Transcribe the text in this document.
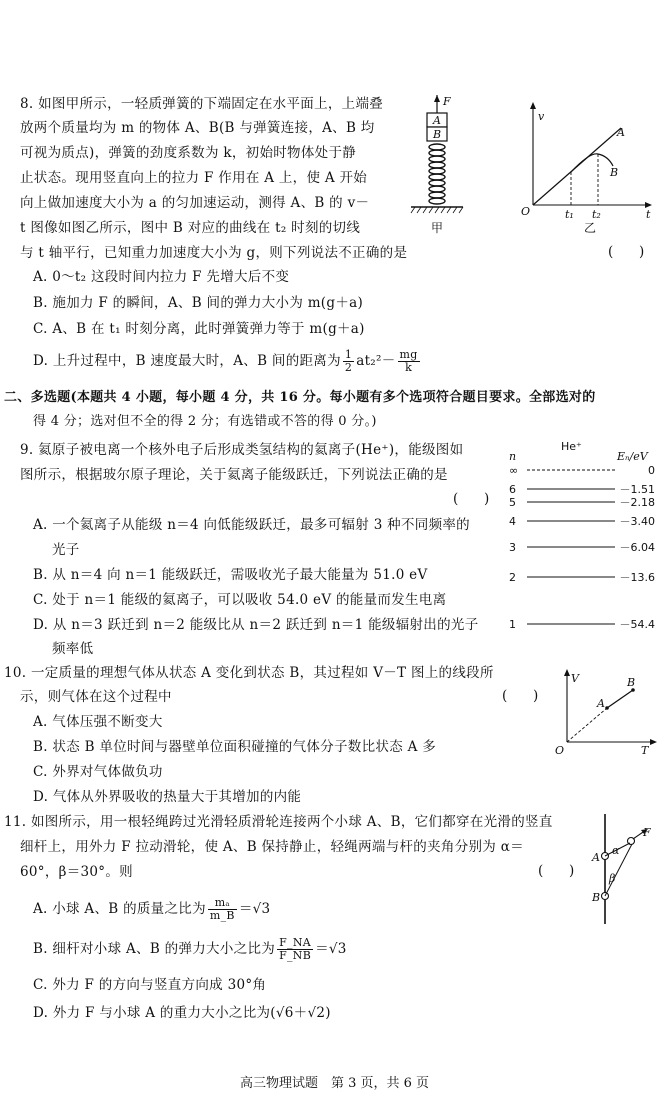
8. 如图甲所示，一轻质弹簧的下端固定在水平面上，上端叠
放两个质量均为 m 的物体 A、B(B 与弹簧连接，A、B 均
可视为质点)，弹簧的劲度系数为 k，初始时物体处于静
止状态。现用竖直向上的拉力 F 作用在 A 上，使 A 开始
向上做加速度大小为 a 的匀加速运动，测得 A、B 的 v－
t 图像如图乙所示，图中 B 对应的曲线在 t₂ 时刻的切线
与 t 轴平行，已知重力加速度大小为 g，则下列说法不正确的是	(      )
A. 0～t₂ 这段时间内拉力 F 先增大后不变
B. 施加力 F 的瞬间，A、B 间的弹力大小为 m(g＋a)
C. A、B 在 t₁ 时刻分离，此时弹簧弹力等于 m(g＋a)
D. 上升过程中，B 速度最大时，A、B 间的距离为 $\frac{1}{2} at_2^2- \frac{mg}{k}$
F
A
B
甲
v
O	t
A
B
t₁ t₂
乙
二、多选题(本题共 4 小题，每小题 4 分，共 16 分。每小题有多个选项符合题目要求。全部选对的
得 4 分；选对但不全的得 2 分；有选错或不答的得 0 分。)
9. 氦原子被电离一个核外电子后形成类氢结构的氦离子(He⁺)，能级图如
图所示，根据玻尔原子理论，关于氦离子能级跃迁，下列说法正确的是
(      )
A. 一个氦离子从能级 n＝4 向低能级跃迁，最多可辐射 3 种不同频率的
光子
B. 从 n＝4 向 n＝1 能级跃迁，需吸收光子最大能量为 51.0 eV
C. 处于 n＝1 能级的氦离子，可以吸收 54.0 eV 的能量而发生电离
D. 从 n＝3 跃迁到 n＝2 能级比从 n＝2 跃迁到 n＝1 能级辐射出的光子
频率低
n
He⁺
Eₙ/eV
∞	0
6	－1.51
5	－2.18
4	－3.40
3	－6.04
2	－13.6
1	－54.4
10. 一定质量的理想气体从状态 A 变化到状态 B，其过程如 V－T 图上的线段所
示，则气体在这个过程中	(      )
A. 气体压强不断变大
B. 状态 B 单位时间与器壁单位面积碰撞的气体分子数比状态 A 多
C. 外界对气体做负功
D. 气体从外界吸收的热量大于其增加的内能
V
O	T
A
B
11. 如图所示，用一根轻绳跨过光滑轻质滑轮连接两个小球 A、B，它们都穿在光滑的竖直
细杆上，用外力 F 拉动滑轮，使 A、B 保持静止，轻绳两端与杆的夹角分别为 α＝
60°，β＝30°。则	(      )
A. 小球 A、B 的质量之比为 $\frac{\text{mₐ}}{m\_B} =√3$
B. 细杆对小球 A、B 的弹力大小之比为 $\frac{F\_NA}{F\_NB} =√3$
C. 外力 F 的方向与竖直方向成 30°角
D. 外力 F 与小球 A 的重力大小之比为(√6＋√2)
F
A
B
α
β
高三物理试题　第 3 页，共 6 页
